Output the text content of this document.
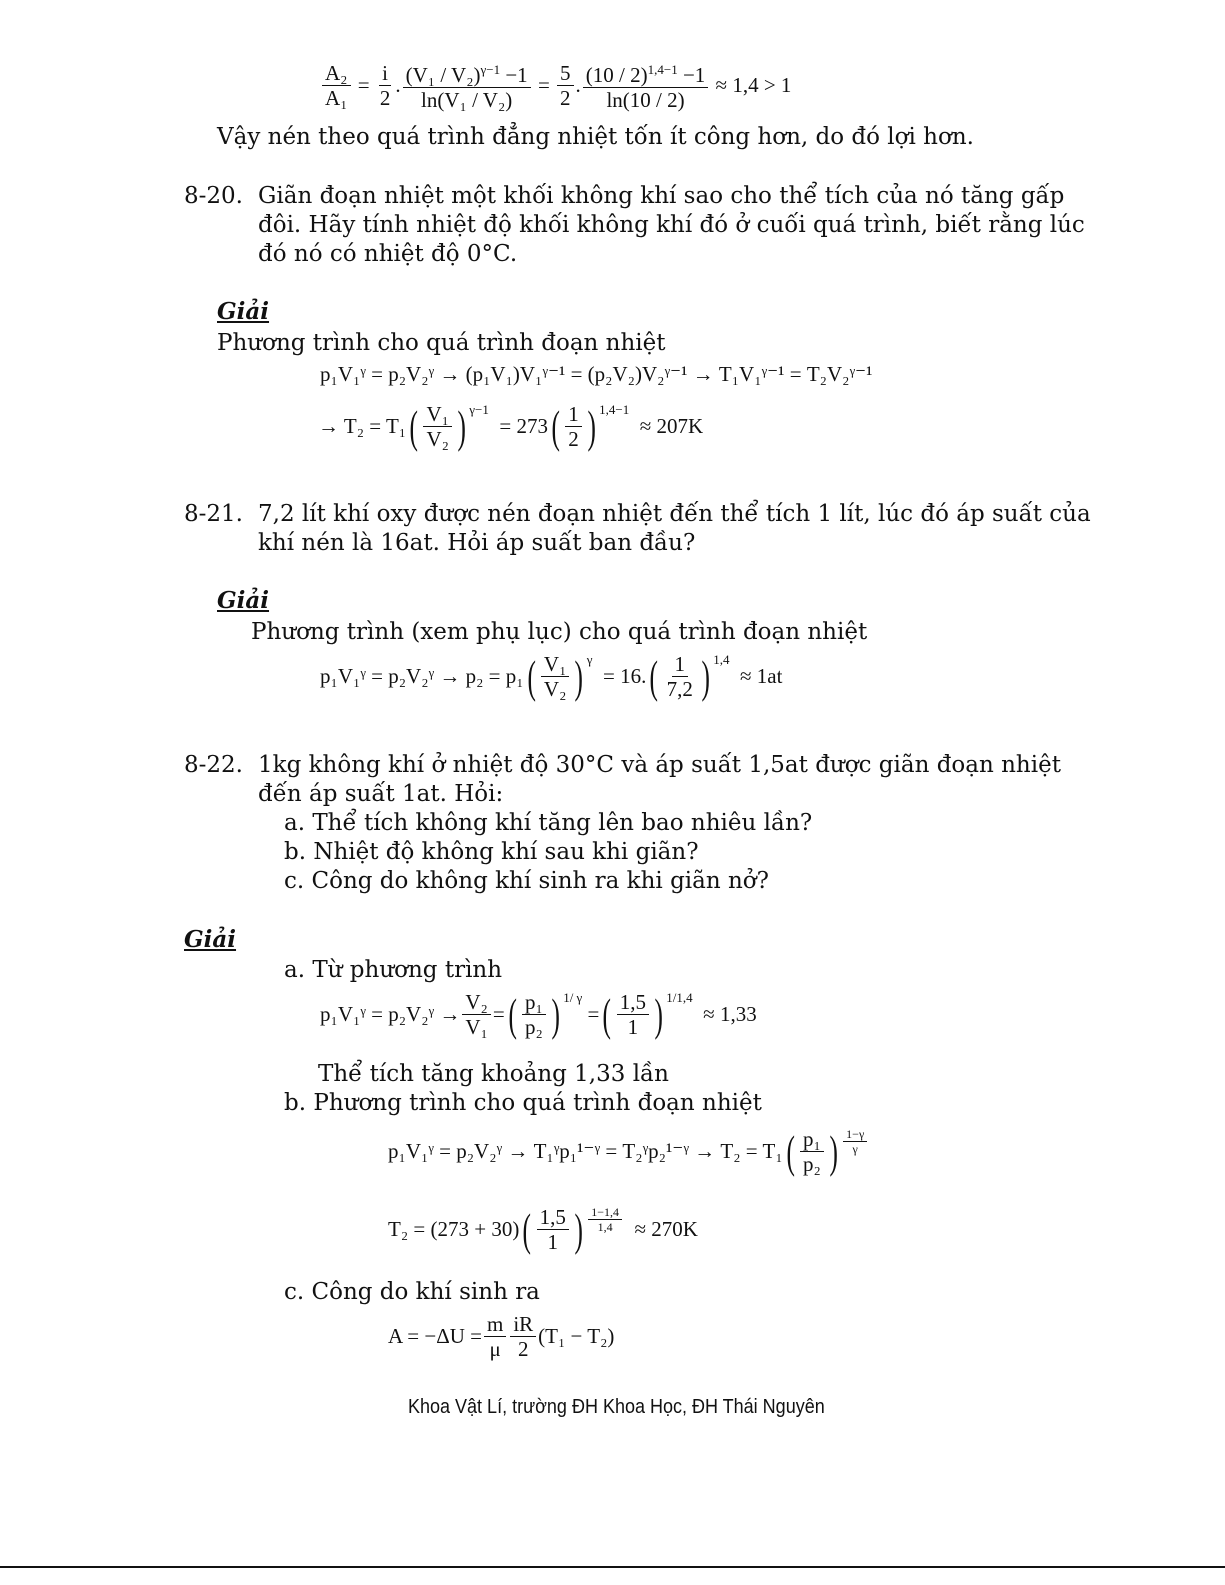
$\frac{\text{A₂}}{\text{A₁}} = \frac{i}{2}$ . $\frac{(V_1 / V_2)^{\gamma-1} -1}{\text{ln(V₁ / V₂)}} = \frac{5}{2}$ . $\frac{(10 / 2)^{1,4-1} -1}{\ln(10 / 2)}$
≈ 1,4 > 1
Vậy nén theo quá trình đẳng nhiệt tốn ít công hơn, do đó lợi hơn.
8-20. Giãn đoạn nhiệt một khối không khí sao cho thể tích của nó tăng gấp
đôi. Hãy tính nhiệt độ khối không khí đó ở cuối quá trình, biết rằng lúc
đó nó có nhiệt độ 0°C.
Giải
Phương trình cho quá trình đoạn nhiệt
p₁V₁ᵞ = p₂V₂ᵞ → (p₁V₁)V₁ᵞ⁻¹ = (p₂V₂)V₂ᵞ⁻¹ → T₁V₁ᵞ⁻¹ = T₂V₂ᵞ⁻¹
→ T₂ = T₁ ( $\frac{\text{V₁}}{\text{V₂}}$ ) $^{\gamma-1}$

= 273 ( $\frac{1}{2}$ ) $^{1,4-1}$

≈ 207K
8-21. 7,2 lít khí oxy được nén đoạn nhiệt đến thể tích 1 lít, lúc đó áp suất của
khí nén là 16at. Hỏi áp suất ban đầu?
Giải
Phương trình (xem phụ lục) cho quá trình đoạn nhiệt
p₁V₁ᵞ = p₂V₂ᵞ → p₂ = p₁ ( $\frac{\text{V₁}}{\text{V₂}}$ ) $^\gamma$

= 16. ( $\frac{1}{7,2}$ ) $^{1,4}$

≈ 1at
8-22. 1kg không khí ở nhiệt độ 30°C và áp suất 1,5at được giãn đoạn nhiệt
đến áp suất 1at. Hỏi:
a. Thể tích không khí tăng lên bao nhiêu lần?
b. Nhiệt độ không khí sau khi giãn?
c. Công do không khí sinh ra khi giãn nở?
Giải
a. Từ phương trình
p₁V₁ᵞ = p₂V₂ᵞ → $\frac{\text{V₂}}{\text{V₁}}$ = ( $\frac{\text{p₁}}{\text{p₂}}$ ) $^{1/ \gamma}$
= ( $\frac{1,5}{1}$ ) $^{1/1,4}$

≈ 1,33
Thể tích tăng khoảng 1,33 lần
b. Phương trình cho quá trình đoạn nhiệt
p₁V₁ᵞ = p₂V₂ᵞ → T₁ᵞp₁¹⁻ᵞ = T₂ᵞp₂¹⁻ᵞ → T₂ = T₁ ( $\frac{\text{p₁}}{\text{p₂}}$ ) $\frac{1-\gamma}{\gamma}$
T₂ = (273 + 30) ( $\frac{1,5}{1}$ ) $\frac{1-1,4}{1,4}$
≈ 270K
c. Công do khí sinh ra
$A = -\Delta U = \frac{m}{\mu} \frac{iR}{2} (T_1 - T_2)$
Khoa Vật Lí, trường ĐH Khoa Học, ĐH Thái Nguyên
